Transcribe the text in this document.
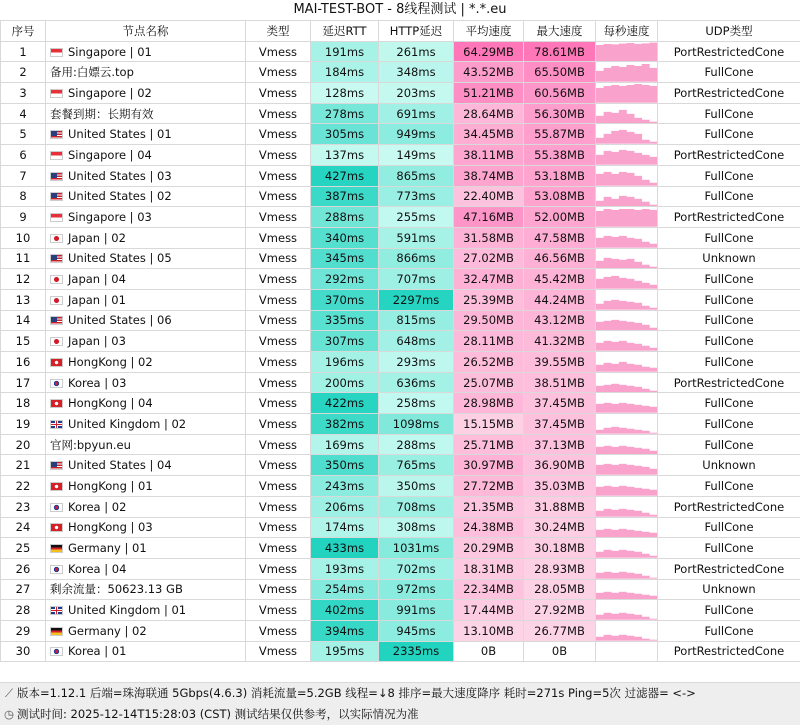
MAI-TEST-BOT - 8线程测试 | *.*.eu
序号	节点名称	类型	延迟RTT	HTTP延迟	平均速度	最大速度	每秒速度	UDP类型
1	Singapore | 01	Vmess	191ms	261ms	64.29MB	78.61MB		PortRestrictedCone
2	备用:白嫖云.top	Vmess	184ms	348ms	43.52MB	65.50MB		FullCone
3	Singapore | 02	Vmess	128ms	203ms	51.21MB	60.56MB		PortRestrictedCone
4	套餐到期：长期有效	Vmess	278ms	691ms	28.64MB	56.30MB		FullCone
5	United States | 01	Vmess	305ms	949ms	34.45MB	55.87MB		FullCone
6	Singapore | 04	Vmess	137ms	149ms	38.11MB	55.38MB		PortRestrictedCone
7	United States | 03	Vmess	427ms	865ms	38.74MB	53.18MB		FullCone
8	United States | 02	Vmess	387ms	773ms	22.40MB	53.08MB		FullCone
9	Singapore | 03	Vmess	288ms	255ms	47.16MB	52.00MB		PortRestrictedCone
10	Japan | 02	Vmess	340ms	591ms	31.58MB	47.58MB		FullCone
11	United States | 05	Vmess	345ms	866ms	27.02MB	46.56MB		Unknown
12	Japan | 04	Vmess	292ms	707ms	32.47MB	45.42MB		FullCone
13	Japan | 01	Vmess	370ms	2297ms	25.39MB	44.24MB		FullCone
14	United States | 06	Vmess	335ms	815ms	29.50MB	43.12MB		FullCone
15	Japan | 03	Vmess	307ms	648ms	28.11MB	41.32MB		FullCone
16	HongKong | 02	Vmess	196ms	293ms	26.52MB	39.55MB		FullCone
17	Korea | 03	Vmess	200ms	636ms	25.07MB	38.51MB		PortRestrictedCone
18	HongKong | 04	Vmess	422ms	258ms	28.98MB	37.45MB		FullCone
19	United Kingdom | 02	Vmess	382ms	1098ms	15.15MB	37.45MB		FullCone
20	官网:bpyun.eu	Vmess	169ms	288ms	25.71MB	37.13MB		FullCone
21	United States | 04	Vmess	350ms	765ms	30.97MB	36.90MB		Unknown
22	HongKong | 01	Vmess	243ms	350ms	27.72MB	35.03MB		FullCone
23	Korea | 02	Vmess	206ms	708ms	21.35MB	31.88MB		PortRestrictedCone
24	HongKong | 03	Vmess	174ms	308ms	24.38MB	30.24MB		FullCone
25	Germany | 01	Vmess	433ms	1031ms	20.29MB	30.18MB		FullCone
26	Korea | 04	Vmess	193ms	702ms	18.31MB	28.93MB		PortRestrictedCone
27	剩余流量：50623.13 GB	Vmess	254ms	972ms	22.34MB	28.05MB		Unknown
28	United Kingdom | 01	Vmess	402ms	991ms	17.44MB	27.92MB		FullCone
29	Germany | 02	Vmess	394ms	945ms	13.10MB	26.77MB		FullCone
30	Korea | 01	Vmess	195ms	2335ms	0B	0B		PortRestrictedCone
⟋ 版本=1.12.1 后端=珠海联通 5Gbps(4.6.3) 消耗流量=5.2GB 线程=↓8 排序=最大速度降序 耗时=271s Ping=5次 过滤器= <->
◷ 测试时间: 2025-12-14T15:28:03 (CST) 测试结果仅供参考，以实际情况为准
